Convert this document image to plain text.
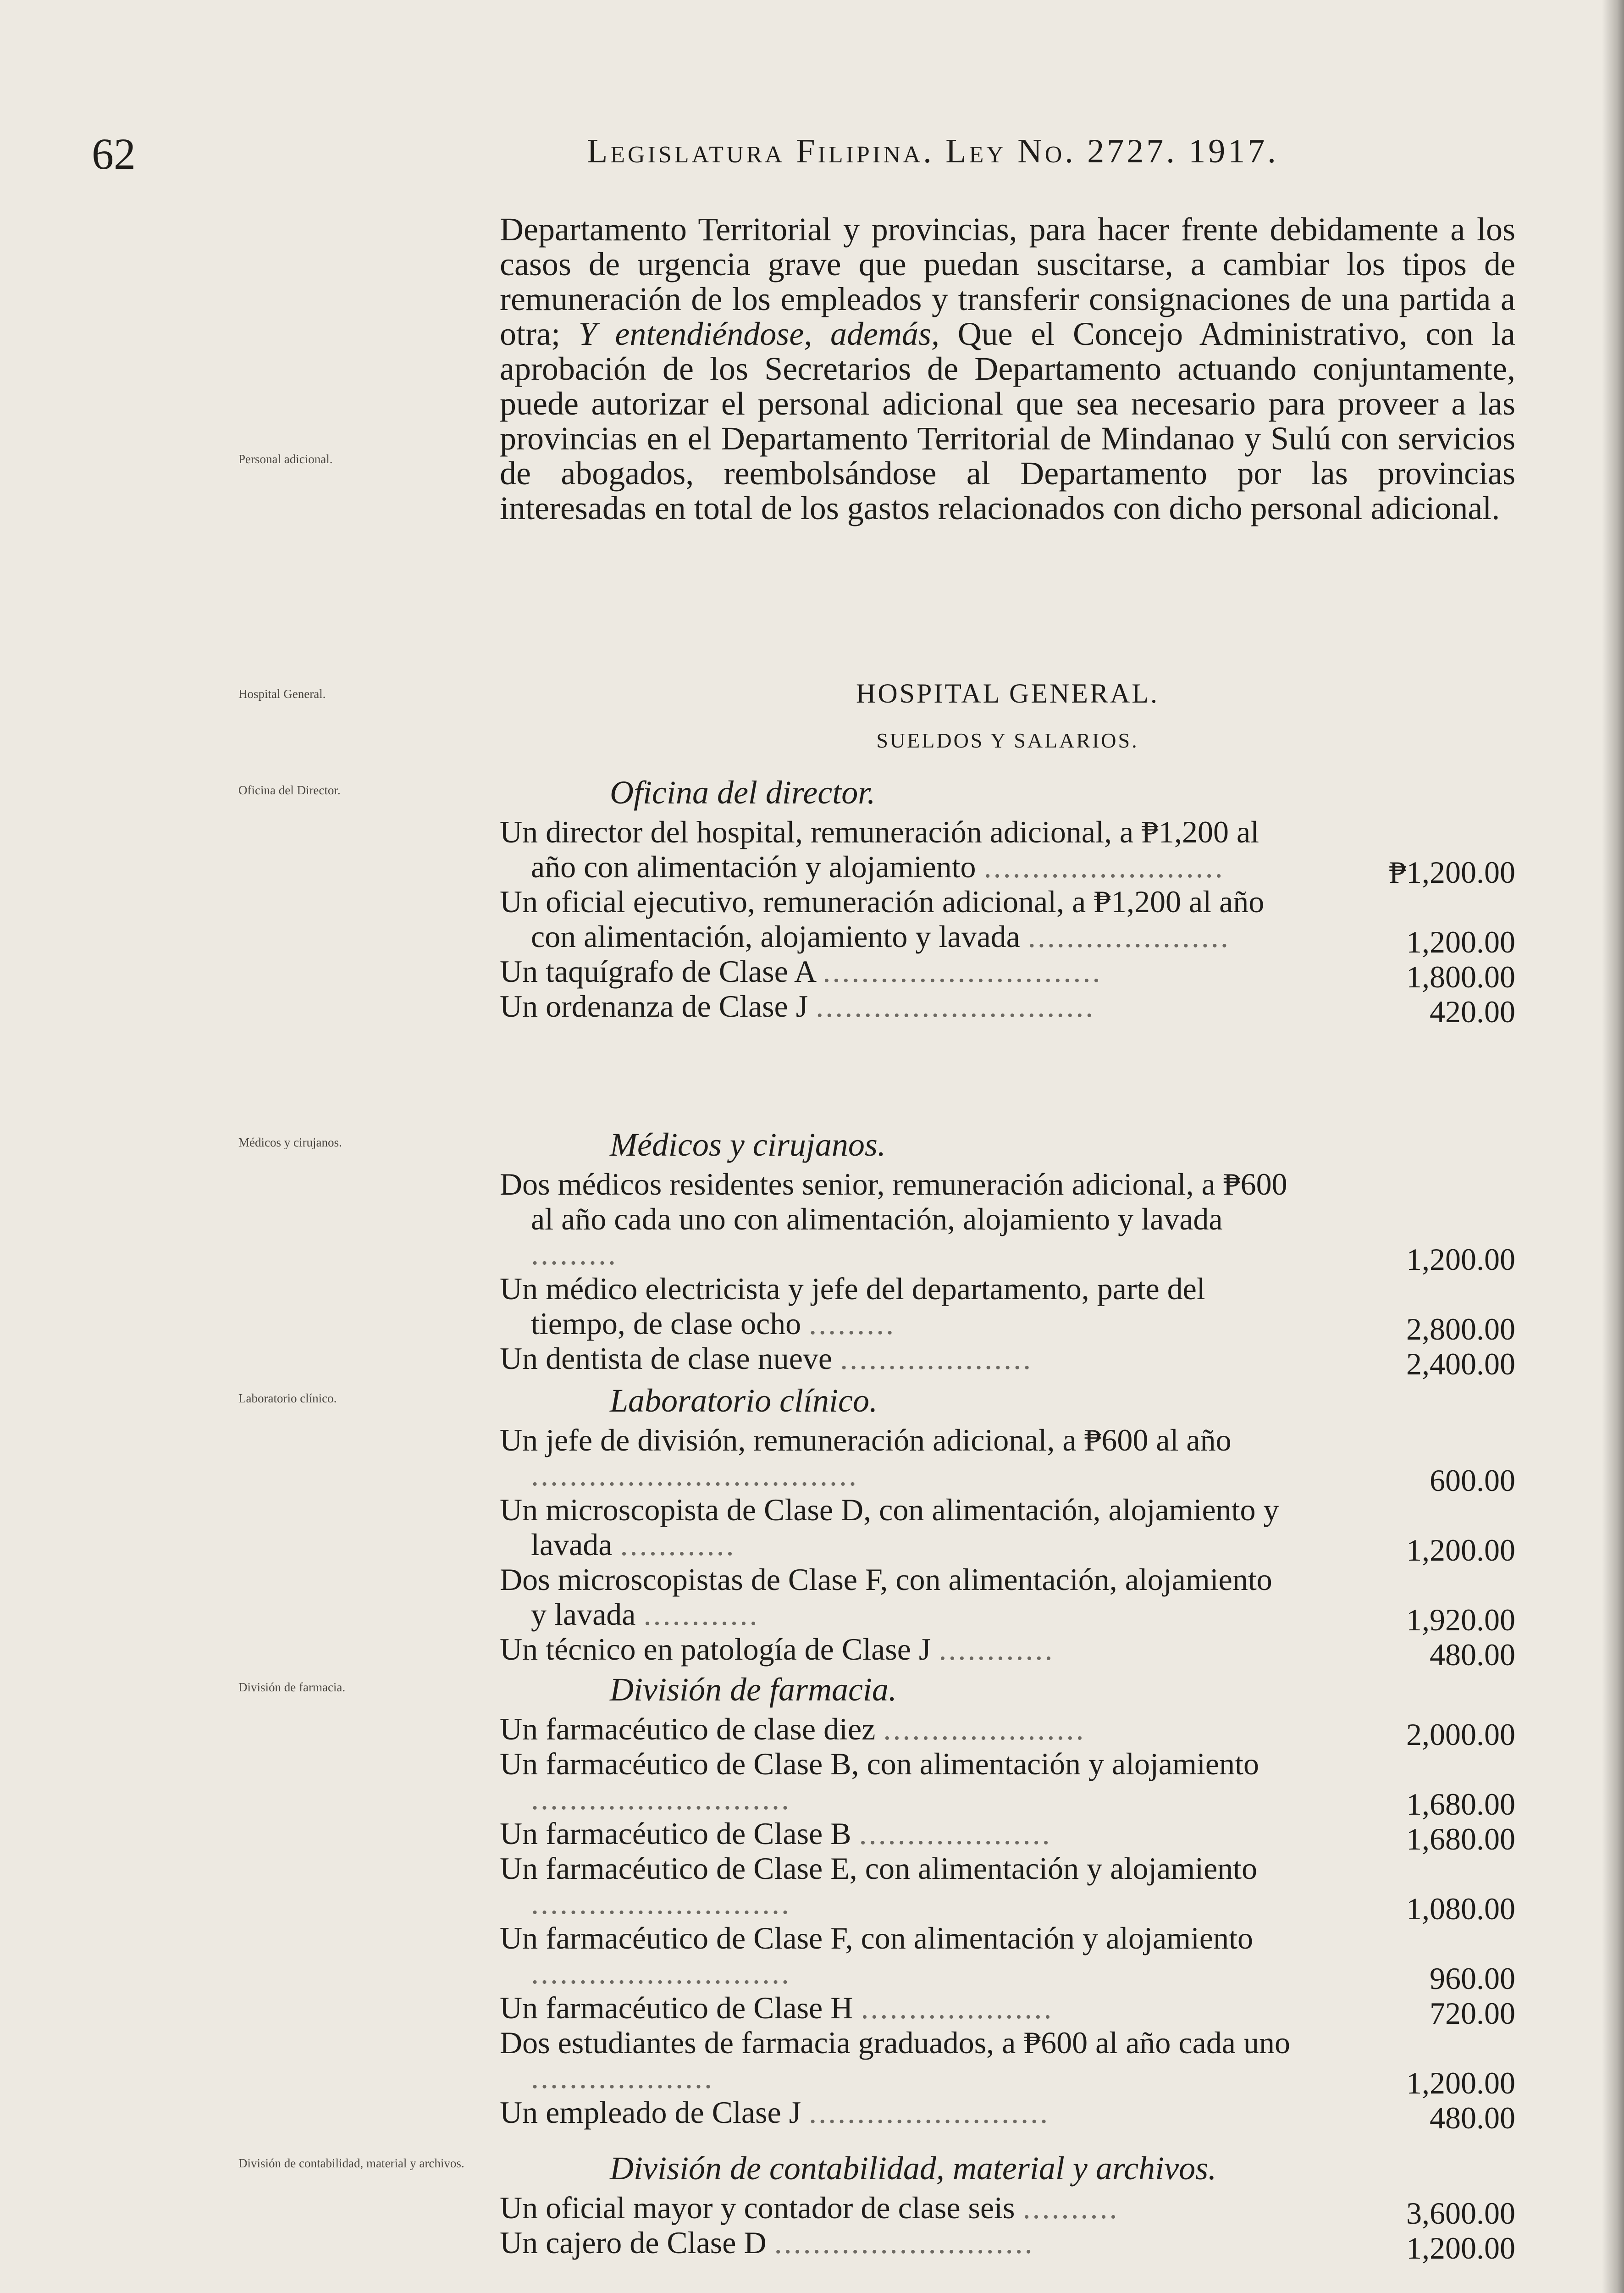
62	Legislatura Filipina. Ley No. 2727. 1917.

Departamento Territorial y provincias, para hacer frente debidamente a los casos de urgencia grave que puedan suscitarse, a cambiar los tipos de remuneración de los empleados y transferir consignaciones de una partida a otra; Y entendiéndose, además, Que el Concejo Administrativo, con la aprobación de los Secretarios de Departamento actuando conjuntamente, puede autorizar el personal adicional que sea necesario para proveer a las provincias en el Departamento Territorial de Mindanao y Sulú con servicios de abogados, reembolsándose al Departamento por las provincias interesadas en total de los gastos relacionados con dicho personal adicional.

Personal adicional.
Hospital General.
Oficina del Director.
Médicos y cirujanos.
Laboratorio clínico.
División de farmacia.
División de contabilidad, material y archivos.
HOSPITAL GENERAL.
SUELDOS Y SALARIOS.
Oficina del director.
Un director del hospital, remuneración adicional, a ₱1,200 al año con alimentación y alojamiento .........................	₱1,200.00
Un oficial ejecutivo, remuneración adicional, a ₱1,200 al año con alimentación, alojamiento y lavada .....................	1,200.00
Un taquígrafo de Clase A .............................	1,800.00
Un ordenanza de Clase J .............................	420.00
Médicos y cirujanos.
Dos médicos residentes senior, remuneración adicional, a ₱600 al año cada uno con alimentación, alojamiento y lavada .........	1,200.00
Un médico electricista y jefe del departamento, parte del tiempo, de clase ocho .........	2,800.00
Un dentista de clase nueve ....................	2,400.00
Laboratorio clínico.
Un jefe de división, remuneración adicional, a ₱600 al año ..................................	600.00
Un microscopista de Clase D, con alimentación, alojamiento y lavada ............	1,200.00
Dos microscopistas de Clase F, con alimentación, alojamiento y lavada ............	1,920.00
Un técnico en patología de Clase J ............	480.00
División de farmacia.
Un farmacéutico de clase diez .....................	2,000.00
Un farmacéutico de Clase B, con alimentación y alojamiento ...........................	1,680.00
Un farmacéutico de Clase B ....................	1,680.00
Un farmacéutico de Clase E, con alimentación y alojamiento ...........................	1,080.00
Un farmacéutico de Clase F, con alimentación y alojamiento ...........................	960.00
Un farmacéutico de Clase H ....................	720.00
Dos estudiantes de farmacia graduados, a ₱600 al año cada uno ...................	1,200.00
Un empleado de Clase J .........................	480.00
División de contabilidad, material y archivos.
Un oficial mayor y contador de clase seis ..........	3,600.00
Un cajero de Clase D ...........................	1,200.00
